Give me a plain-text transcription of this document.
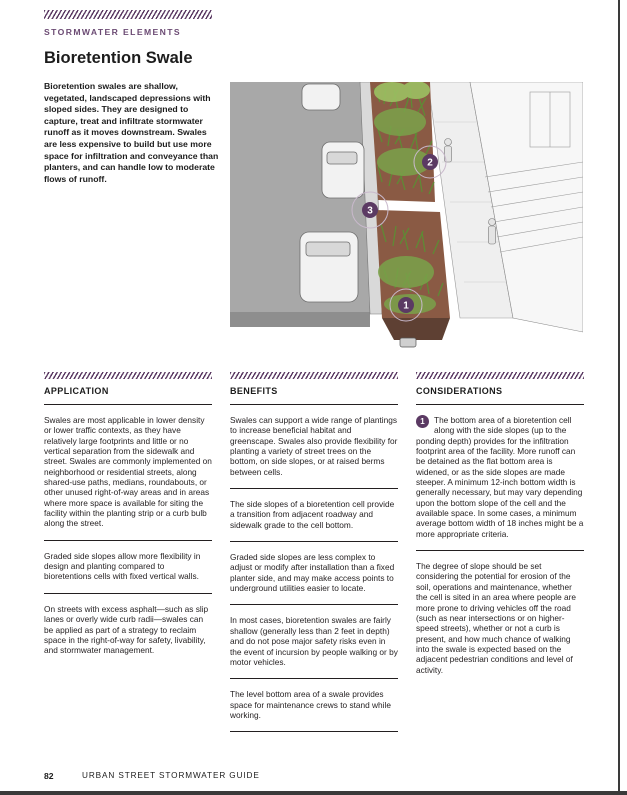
STORMWATER ELEMENTS
Bioretention Swale
Bioretention swales are shallow, vegetated, landscaped depressions with sloped sides. They are designed to capture, treat and infiltrate stormwater runoff as it moves downstream. Swales are less expensive to build but use more space for infiltration and conveyance than planters, and can handle low to moderate flows of runoff.
1
2
3
APPLICATION
Swales are most applicable in lower density or lower traffic contexts, as they have relatively large footprints and little or no vertical separation from the sidewalk and street. Swales are commonly implemented on neighborhood or residential streets, along shared-use paths, medians, roundabouts, or other unused right-of-way areas and in areas where more space is available for siting the facility within the planting strip or a curb bulb along the street.
Graded side slopes allow more flexibility in design and planting compared to bioretentions cells with fixed vertical walls.
On streets with excess asphalt—such as slip lanes or overly wide curb radii—swales can be applied as part of a strategy to reclaim space in the right-of-way for safety, livability, and stormwater management.
BENEFITS
Swales can support a wide range of plantings to increase beneficial habitat and greenscape. Swales also provide flexibility for planting a variety of street trees on the bottom, on side slopes, or at raised berms between cells.
The side slopes of a bioretention cell provide a transition from adjacent roadway and sidewalk grade to the cell bottom.
Graded side slopes are less complex to adjust or modify after installation than a fixed planter side, and may make access points to underground utilities easier to locate.
In most cases, bioretention swales are fairly shallow (generally less than 2 feet in depth) and do not pose major safety risks even in the event of incursion by people walking or by motor vehicles.
The level bottom area of a swale provides space for maintenance crews to stand while working.
CONSIDERATIONS
1	The bottom area of a bioretention cell along with the side slopes (up to the ponding depth) provides for the infiltration footprint area of the facility. More runoff can be detained as the flat bottom area is widened, or as the side slopes are made steeper. A minimum 12-inch bottom width is generally necessary, but may vary depending upon the bottom slope of the cell and the available space. In some cases, a minimum average bottom width of 18 inches might be a more appropriate criteria.
The degree of slope should be set considering the potential for erosion of the soil, operations and maintenance, whether the cell is sited in an area where people are more prone to driving vehicles off the road (such as near intersections or on higher-speed streets), whether or not a curb is present, and how much chance of walking into the swale is expected based on the adjacent pedestrian conditions and level of activity.
82	URBAN STREET STORMWATER GUIDE
